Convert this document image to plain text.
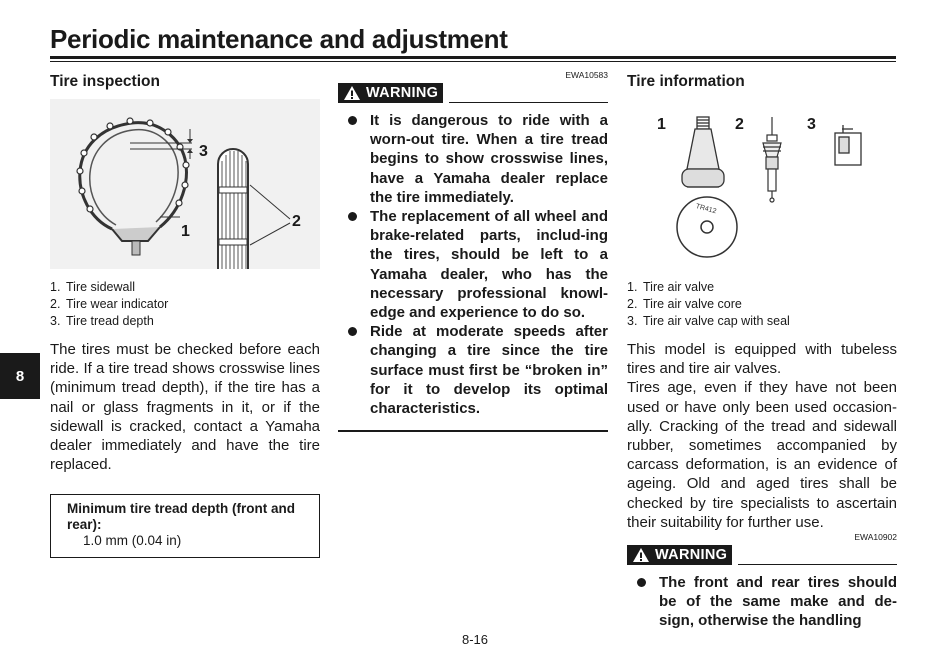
Periodic maintenance and adjustment
8
Tire inspection
3
1
2
1. Tire sidewall
2. Tire wear indicator
3. Tire tread depth

The tires must be checked before each ride. If a tire tread shows crosswise lines (minimum tread depth), if the tire has a nail or glass fragments in it, or if the sidewall is cracked, contact a Yamaha dealer immediately and have the tire replaced.

Minimum tire tread depth (front and rear):
1.0 mm (0.04 in)
EWA10583
WARNING
It is dangerous to ride with a worn-out tire. When a tire tread begins to show crosswise lines, have a Yamaha dealer replace the tire immediately.
The replacement of all wheel and brake-related parts, includ-ing the tires, should be left to a Yamaha dealer, who has the necessary professional knowl-edge and experience to do so.
Ride at moderate speeds after changing a tire since the tire surface must first be “broken in” for it to develop its optimal characteristics.
Tire information
1	2	3
TR412
1. Tire air valve
2. Tire air valve core
3. Tire air valve cap with seal

This model is equipped with tubeless tires and tire air valves.

Tires age, even if they have not been used or have only been used occasion-ally. Cracking of the tread and sidewall rubber, sometimes accompanied by carcass deformation, is an evidence of ageing. Old and aged tires shall be checked by tire specialists to ascertain their suitability for further use.

EWA10902
WARNING
The front and rear tires should be of the same make and de-sign, otherwise the handling
8-16
